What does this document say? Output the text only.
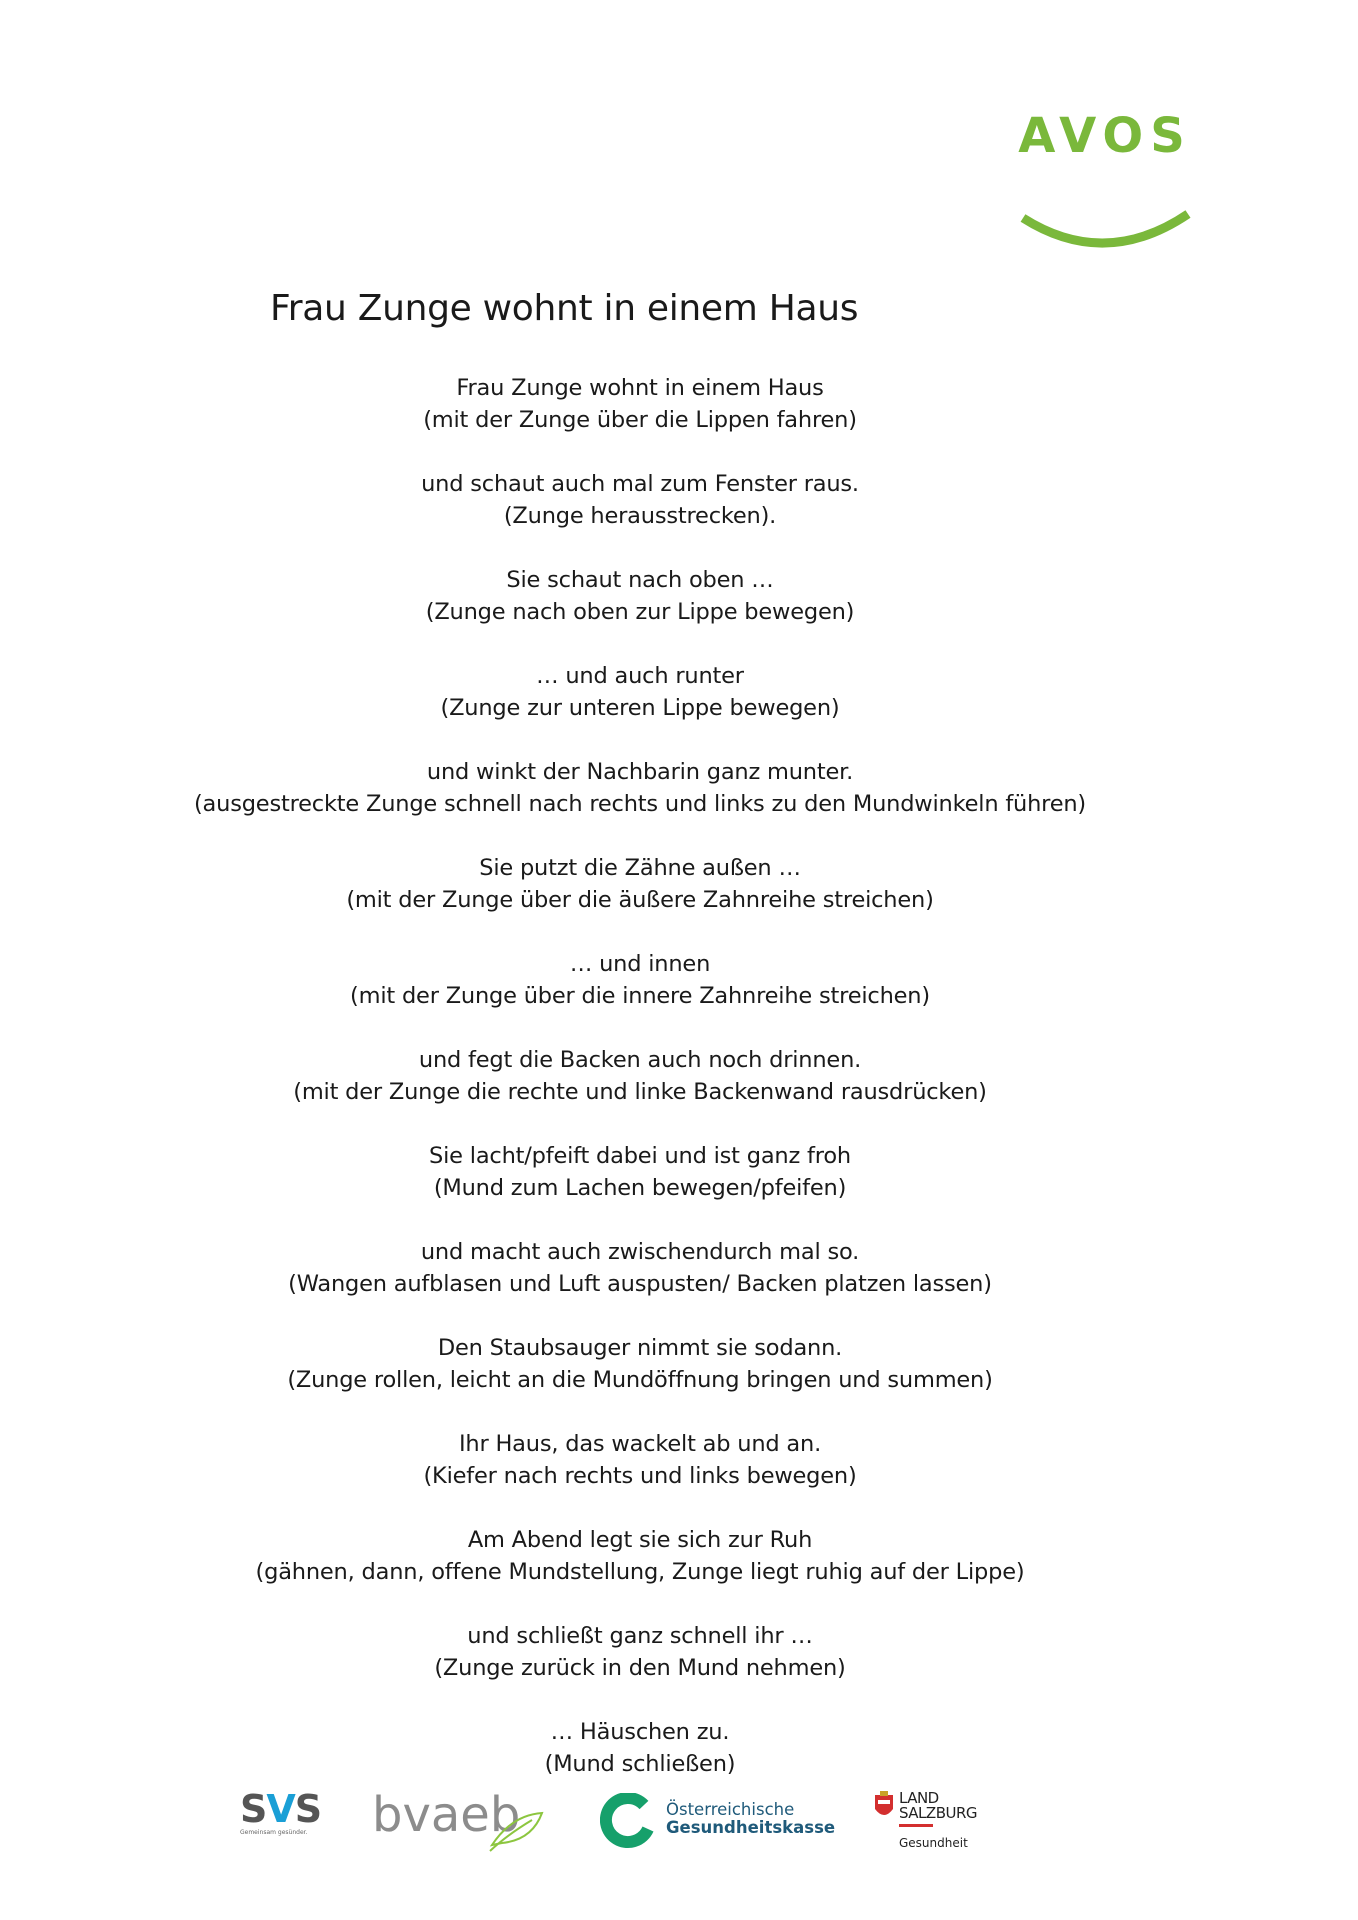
AVOS
Frau Zunge wohnt in einem Haus

Frau Zunge wohnt in einem Haus
(mit der Zunge über die Lippen fahren)

und schaut auch mal zum Fenster raus.
(Zunge herausstrecken).

Sie schaut nach oben …
(Zunge nach oben zur Lippe bewegen)

… und auch runter
(Zunge zur unteren Lippe bewegen)

und winkt der Nachbarin ganz munter.
(ausgestreckte Zunge schnell nach rechts und links zu den Mundwinkeln führen)

Sie putzt die Zähne außen …
(mit der Zunge über die äußere Zahnreihe streichen)

… und innen
(mit der Zunge über die innere Zahnreihe streichen)

und fegt die Backen auch noch drinnen.
(mit der Zunge die rechte und linke Backenwand rausdrücken)

Sie lacht/pfeift dabei und ist ganz froh
(Mund zum Lachen bewegen/pfeifen)

und macht auch zwischendurch mal so.
(Wangen aufblasen und Luft auspusten/ Backen platzen lassen)

Den Staubsauger nimmt sie sodann.
(Zunge rollen, leicht an die Mundöffnung bringen und summen)

Ihr Haus, das wackelt ab und an.
(Kiefer nach rechts und links bewegen)

Am Abend legt sie sich zur Ruh
(gähnen, dann, offene Mundstellung, Zunge liegt ruhig auf der Lippe)

und schließt ganz schnell ihr …
(Zunge zurück in den Mund nehmen)

… Häuschen zu.
(Mund schließen)

SVS
Gemeinsam gesünder.	bvaeb	Österreichische
Gesundheitskasse
LAND
SALZBURG
Gesundheit
